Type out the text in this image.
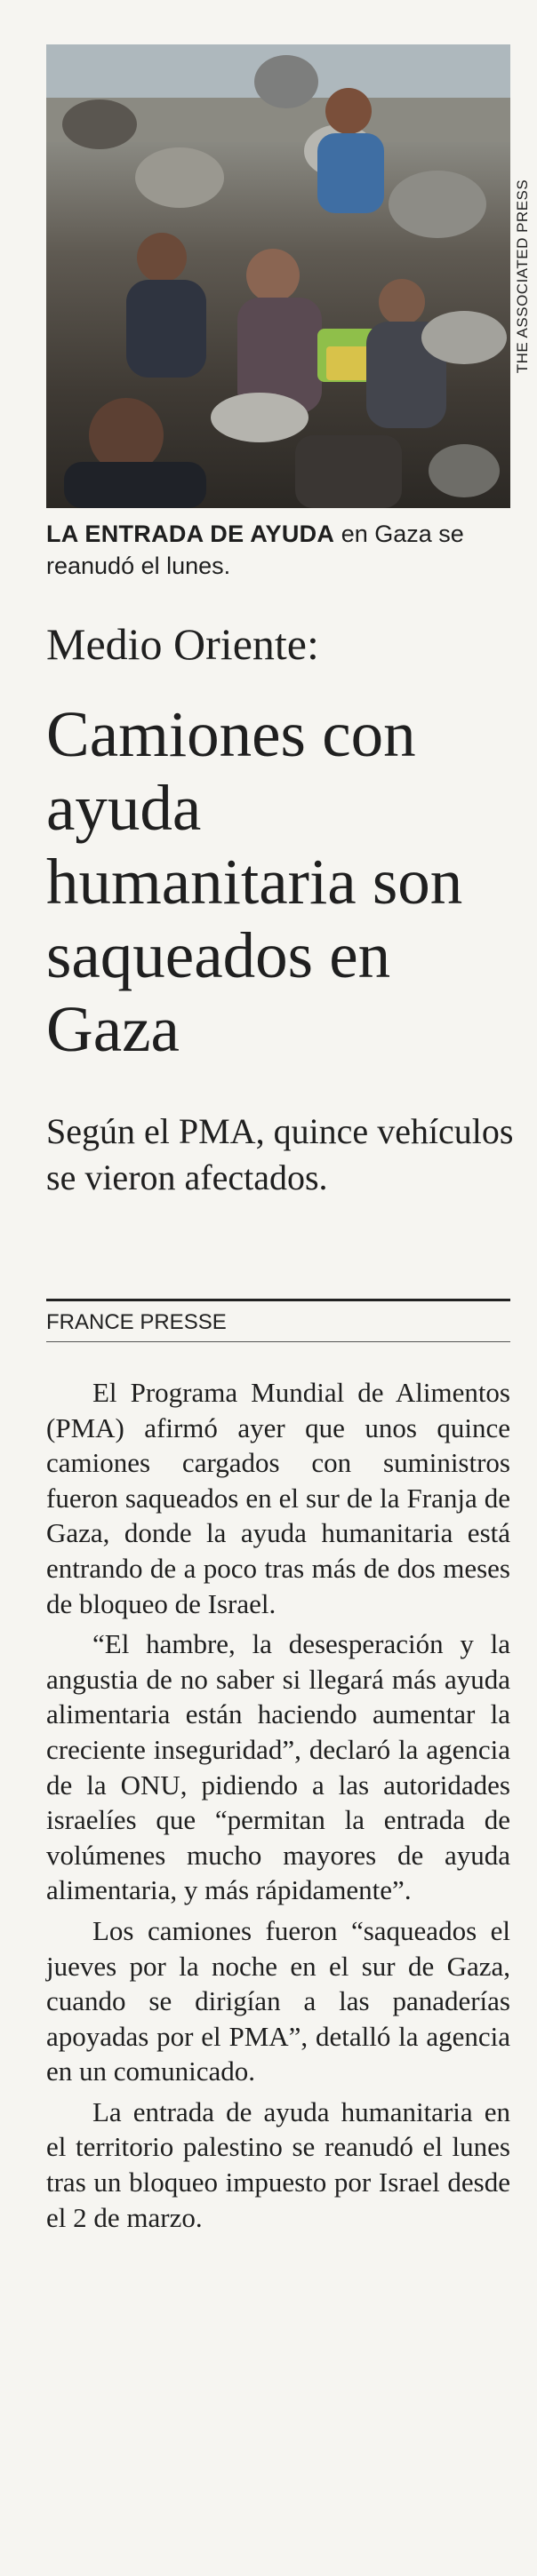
THE ASSOCIATED PRESS
LA ENTRADA DE AYUDA en Gaza se reanudó el lunes.
Medio Oriente:
Camiones con ayuda humanitaria son saqueados en Gaza
Según el PMA, quince vehículos se vieron afectados.
FRANCE PRESSE

El Programa Mundial de Alimentos (PMA) afirmó ayer que unos quince camiones cargados con suministros fueron saqueados en el sur de la Franja de Gaza, donde la ayuda humanitaria está entrando de a poco tras más de dos meses de bloqueo de Israel.

“El hambre, la desesperación y la angustia de no saber si llegará más ayuda alimentaria están haciendo aumentar la creciente inseguridad”, declaró la agencia de la ONU, pidiendo a las autoridades israelíes que “permitan la entrada de volúmenes mucho mayores de ayuda alimentaria, y más rápidamente”.

Los camiones fueron “saqueados el jueves por la noche en el sur de Gaza, cuando se dirigían a las panaderías apoyadas por el PMA”, detalló la agencia en un comunicado.

La entrada de ayuda humanitaria en el territorio palestino se reanudó el lunes tras un bloqueo impuesto por Israel desde el 2 de marzo.
